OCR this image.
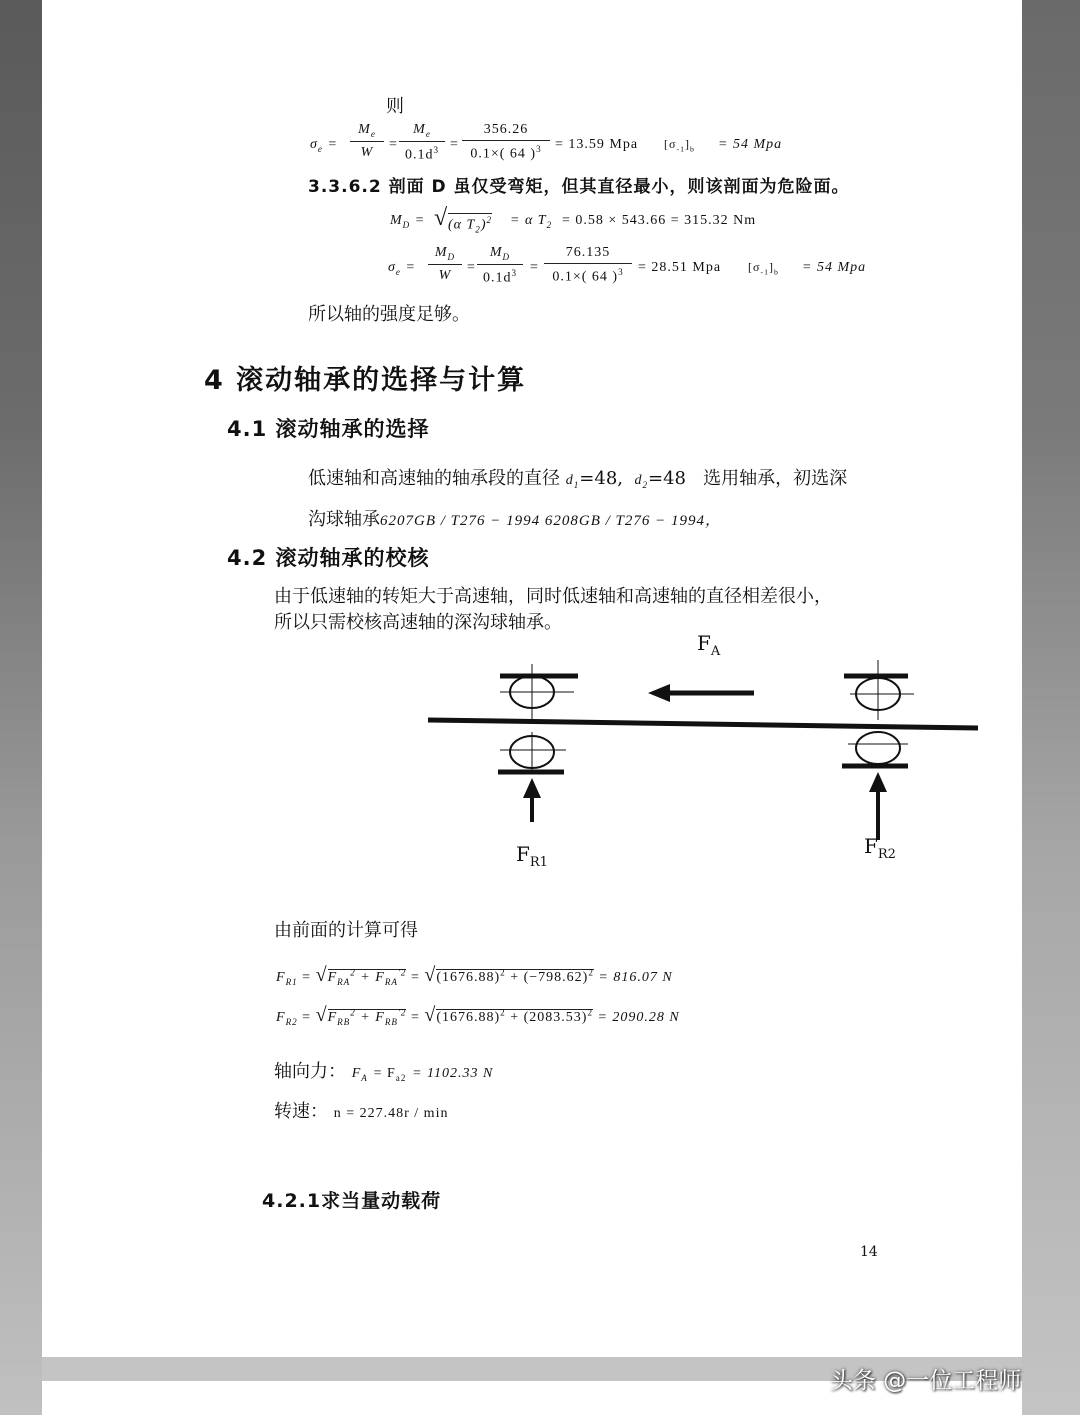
则
$\sigma_e$ =
$M_e$
W
=
$M_e$
$0.1d^3$ =
356.26
0.1×( 64 )$^3$ = 13.59 Mpa $[\sigma_{-1}]_b = 54$ Mpa
3.3.6.2 剖面 D 虽仅受弯矩，但其直径最小，则该剖面为危险面。
$M_D$ = √ (α $T_2)^2 = \alpha$ $T_2 = 0.58 \times 543.66 = 315.32$ Nm
$\sigma_e$ =
$M_D$
W
=
$M_D$
$0.1d^3$ =
76.135
0.1×( 64 )$^3$	= 28.51 Mpa $[\sigma_{-1}]_b = 54$ Mpa
所以轴的强度足够。
4 滚动轴承的选择与计算
4.1 滚动轴承的选择
低速轴和高速轴的轴承段的直径 $d_1=48$, $d_2=48$ 选用轴承，初选深
沟球轴承6207GB / T276 − 1994 6208GB / T276 − 1994，
4.2 滚动轴承的校核
由于低速轴的转矩大于高速轴，同时低速轴和高速轴的直径相差很小，
所以只需校核高速轴的深沟球轴承。
$F_A$
$F_{R1}$
$F_{R2}$
由前面的计算可得
$F_{R1} = √F_{RA}^2 + F_{RA}^{'2} = √(1676.88)^2 + (-798.62)^2 = 816.07$ N
$F_{R2} = √F_{RB}^2 + F_{RB}^{'2} = √(1676.88)^2 + (2083.53)^2 = 2090.28$ N
轴向力： $F_A = F_{a2} = 1102.33$ N
转速： n = 227.48r / min
4.2.1求当量动载荷
14
头条 @一位工程师
